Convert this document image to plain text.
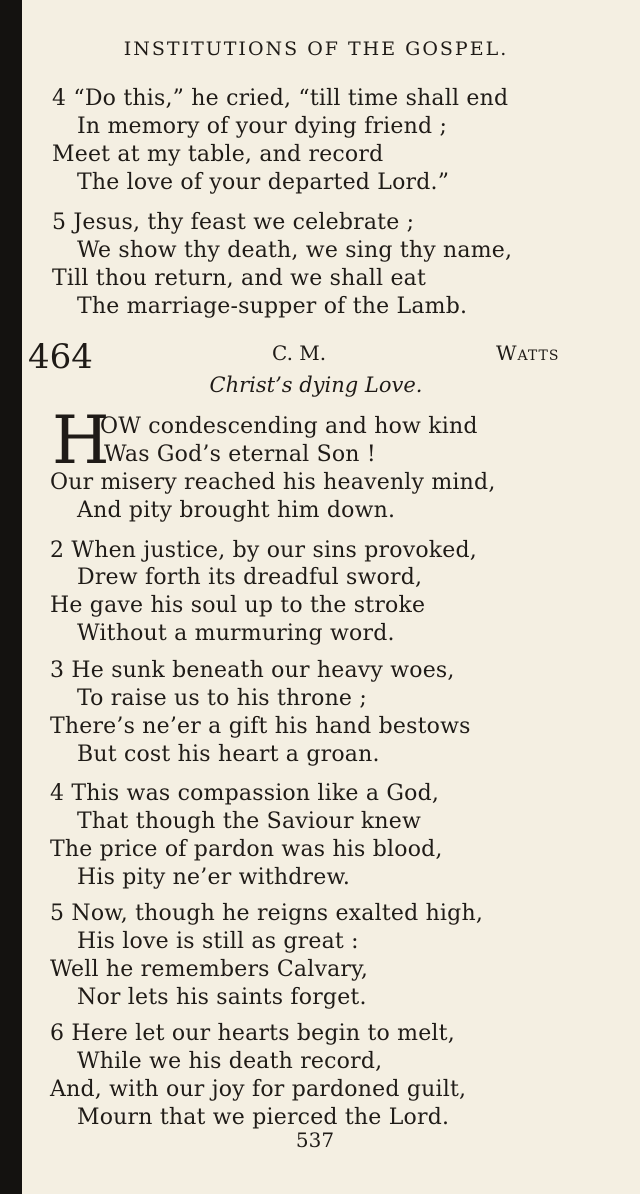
INSTITUTIONS OF THE GOSPEL.
4 “Do this,” he cried, “till time shall end
In memory of your dying friend ;
Meet at my table, and record
The love of your departed Lord.”
5 Jesus, thy feast we celebrate ;
We show thy death, we sing thy name,
Till thou return, and we shall eat
The marriage-supper of the Lamb.
464	C. M.	Watts
Christ’s dying Love.
H
OW condescending and how kind
Was God’s eternal Son !
Our misery reached his heavenly mind,
And pity brought him down.
2 When justice, by our sins provoked,
Drew forth its dreadful sword,
He gave his soul up to the stroke
Without a murmuring word.
3 He sunk beneath our heavy woes,
To raise us to his throne ;
There’s ne’er a gift his hand bestows
But cost his heart a groan.
4 This was compassion like a God,
That though the Saviour knew
The price of pardon was his blood,
His pity ne’er withdrew.
5 Now, though he reigns exalted high,
His love is still as great :
Well he remembers Calvary,
Nor lets his saints forget.
6 Here let our hearts begin to melt,
While we his death record,
And, with our joy for pardoned guilt,
Mourn that we pierced the Lord.
537
